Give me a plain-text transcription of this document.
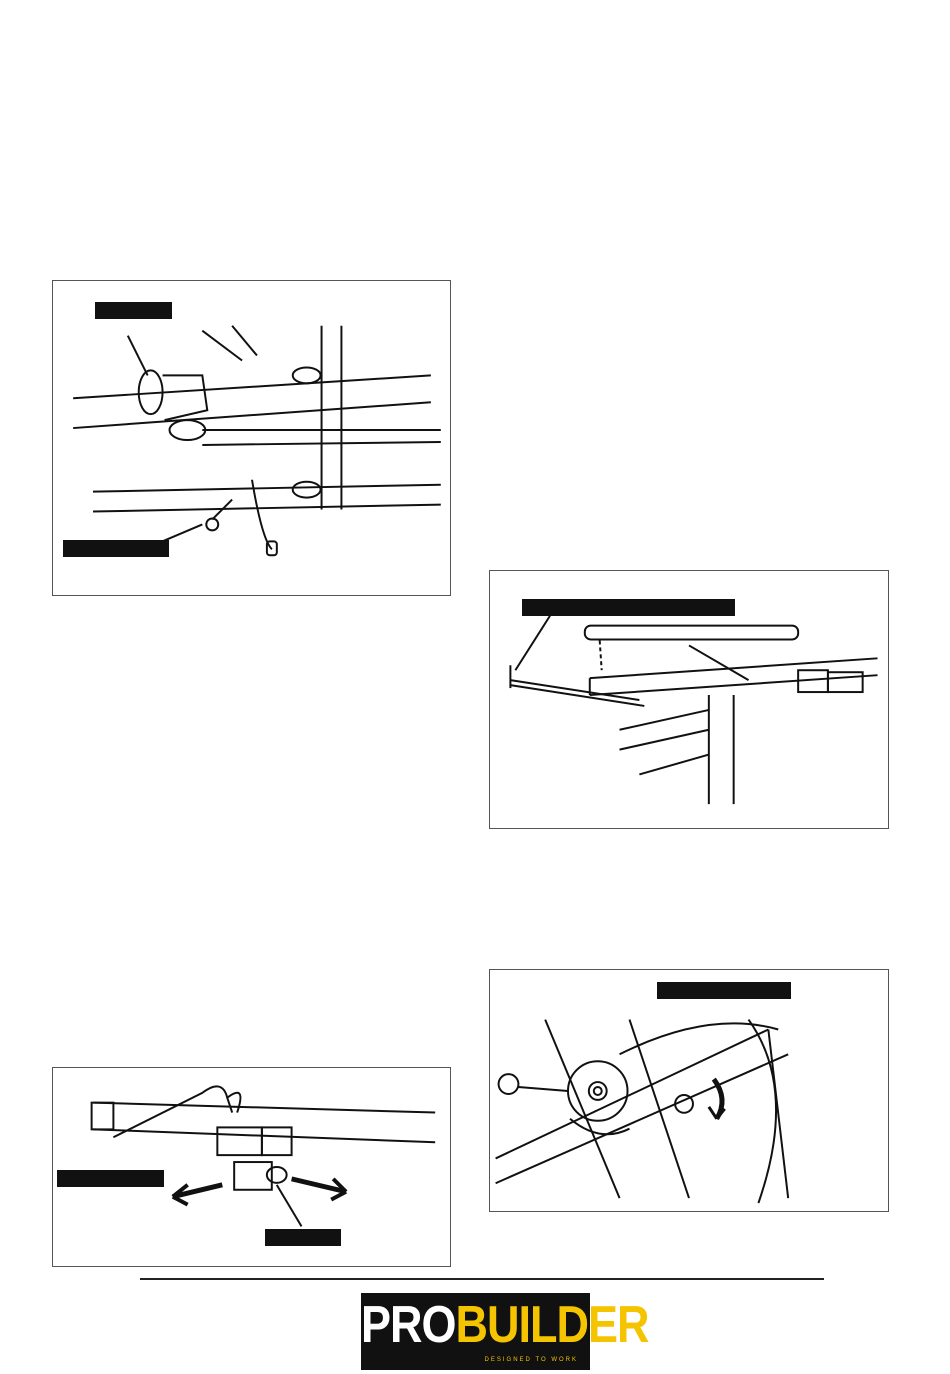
PROBUILDER
DESIGNED TO WORK
